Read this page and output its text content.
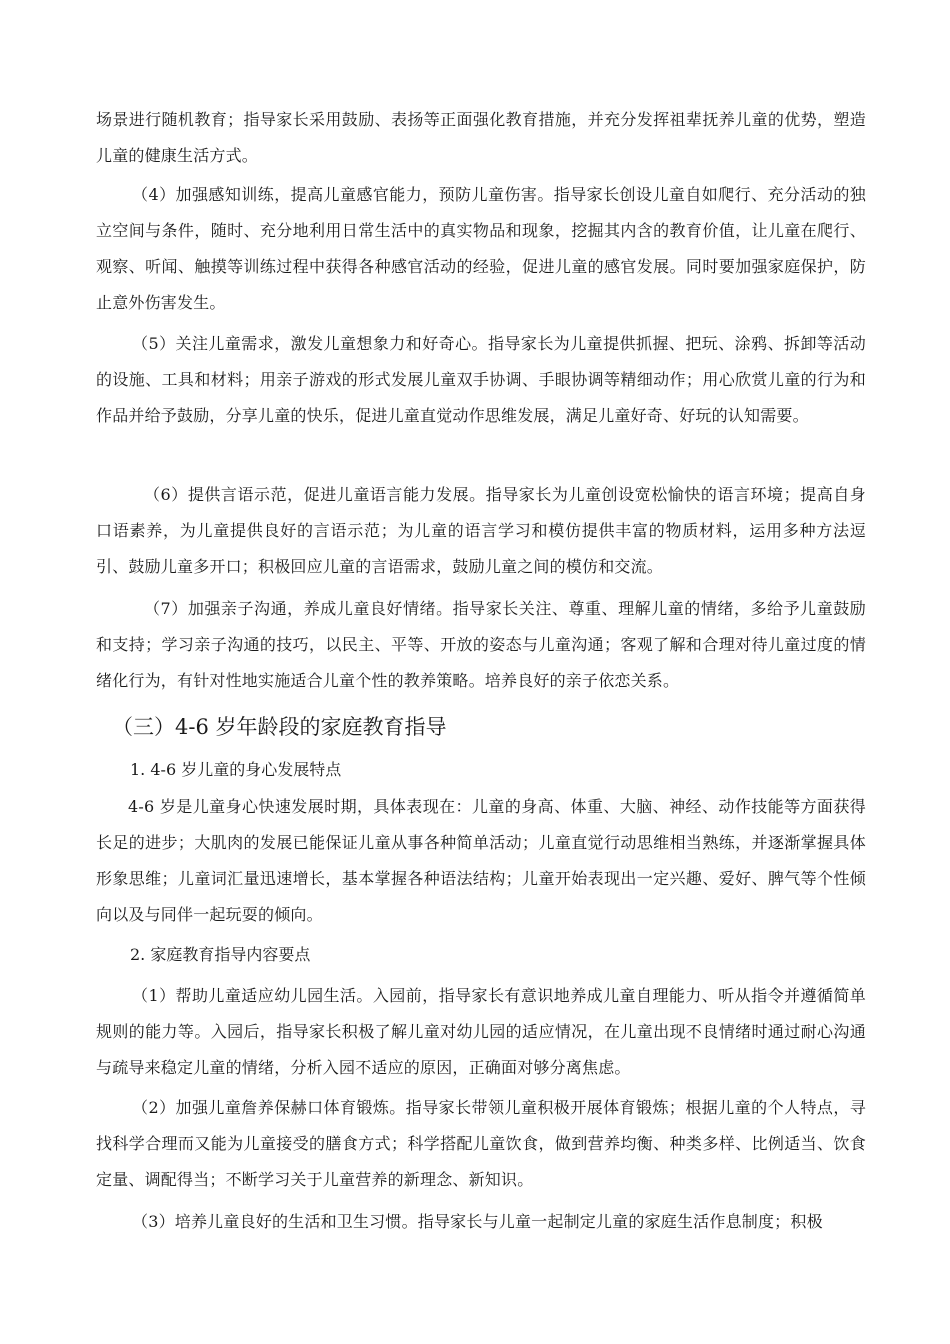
场景进行随机教育；指导家长采用鼓励、表扬等正面强化教育措施，并充分发挥祖辈抚养儿童的优势，塑造儿童的健康生活方式。

（4）加强感知训练，提高儿童感官能力，预防儿童伤害。指导家长创设儿童自如爬行、充分活动的独立空间与条件，随时、充分地利用日常生活中的真实物品和现象，挖掘其内含的教育价值，让儿童在爬行、观察、听闻、触摸等训练过程中获得各种感官活动的经验，促进儿童的感官发展。同时要加强家庭保护，防止意外伤害发生。

（5）关注儿童需求，激发儿童想象力和好奇心。指导家长为儿童提供抓握、把玩、涂鸦、拆卸等活动的设施、工具和材料；用亲子游戏的形式发展儿童双手协调、手眼协调等精细动作；用心欣赏儿童的行为和作品并给予鼓励，分享儿童的快乐，促进儿童直觉动作思维发展，满足儿童好奇、好玩的认知需要。

（6）提供言语示范，促进儿童语言能力发展。指导家长为儿童创设宽松愉快的语言环境；提高自身口语素养，为儿童提供良好的言语示范；为儿童的语言学习和模仿提供丰富的物质材料，运用多种方法逗引、鼓励儿童多开口；积极回应儿童的言语需求，鼓励儿童之间的模仿和交流。

（7）加强亲子沟通，养成儿童良好情绪。指导家长关注、尊重、理解儿童的情绪，多给予儿童鼓励和支持；学习亲子沟通的技巧，以民主、平等、开放的姿态与儿童沟通；客观了解和合理对待儿童过度的情绪化行为，有针对性地实施适合儿童个性的教养策略。培养良好的亲子依恋关系。

（三）4-6 岁年龄段的家庭教育指导

1. 4-6 岁儿童的身心发展特点

4-6 岁是儿童身心快速发展时期，具体表现在：儿童的身高、体重、大脑、神经、动作技能等方面获得长足的进步；大肌肉的发展已能保证儿童从事各种简单活动；儿童直觉行动思维相当熟练，并逐渐掌握具体形象思维；儿童词汇量迅速增长，基本掌握各种语法结构；儿童开始表现出一定兴趣、爱好、脾气等个性倾向以及与同伴一起玩耍的倾向。

2. 家庭教育指导内容要点

（1）帮助儿童适应幼儿园生活。入园前，指导家长有意识地养成儿童自理能力、听从指令并遵循简单规则的能力等。入园后，指导家长积极了解儿童对幼儿园的适应情况，在儿童出现不良情绪时通过耐心沟通与疏导来稳定儿童的情绪，分析入园不适应的原因，正确面对够分离焦虑。

（2）加强儿童詹养保赫口体育锻炼。指导家长带领儿童积极开展体育锻炼；根据儿童的个人特点，寻找科学合理而又能为儿童接受的膳食方式；科学搭配儿童饮食，做到营养均衡、种类多样、比例适当、饮食定量、调配得当；不断学习关于儿童营养的新理念、新知识。

（3）培养儿童良好的生活和卫生习惯。指导家长与儿童一起制定儿童的家庭生活作息制度；积极
